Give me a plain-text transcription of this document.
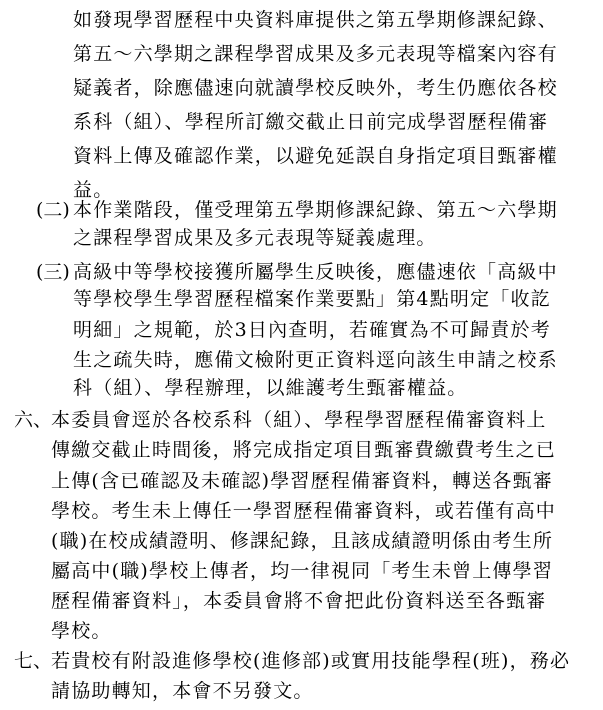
如發現學習歷程中央資料庫提供之第五學期修課紀錄、
第五～六學期之課程學習成果及多元表現等檔案內容有
疑義者，除應儘速向就讀學校反映外，考生仍應依各校
系科（組）、學程所訂繳交截止日前完成學習歷程備審
資料上傳及確認作業，以避免延誤自身指定項目甄審權
益。
(二) 本作業階段，僅受理第五學期修課紀錄、第五～六學期
之課程學習成果及多元表現等疑義處理。
(三) 高級中等學校接獲所屬學生反映後，應儘速依「高級中
等學校學生學習歷程檔案作業要點」第4點明定「收訖
明細」之規範，於3日內查明，若確實為不可歸責於考
生之疏失時，應備文檢附更正資料逕向該生申請之校系
科（組）、學程辦理，以維護考生甄審權益。
六、
本委員會逕於各校系科（組）、學程學習歷程備審資料上
傳繳交截止時間後，將完成指定項目甄審費繳費考生之已
上傳(含已確認及未確認)學習歷程備審資料，轉送各甄審
學校。考生未上傳任一學習歷程備審資料，或若僅有高中
(職)在校成績證明、修課紀錄，且該成績證明係由考生所
屬高中(職)學校上傳者，均一律視同「考生未曾上傳學習
歷程備審資料」，本委員會將不會把此份資料送至各甄審
學校。
七、
若貴校有附設進修學校(進修部)或實用技能學程(班)，務必
請協助轉知，本會不另發文。
